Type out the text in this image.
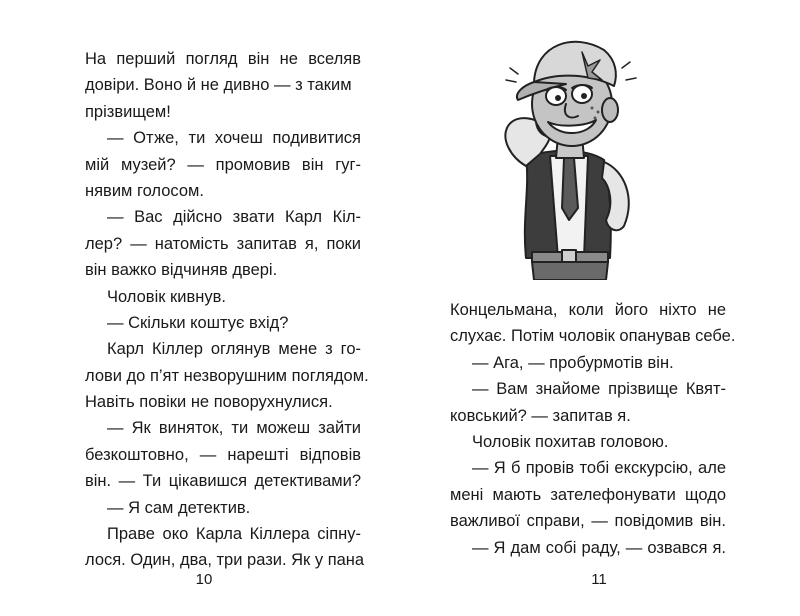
На перший погляд він не вселяв
довіри. Воно й не дивно — з таким
прізвищем!
— Отже, ти хочеш подивитися
мій музей? — промовив він гуг-
нявим голосом.
— Вас дійсно звати Карл Кіл-
лер? — натомість запитав я, поки
він важко відчиняв двері.
Чоловік кивнув.
— Скільки коштує вхід?
Карл Кіллер оглянув мене з го-
лови до п’ят незворушним поглядом.
Навіть повіки не поворухнулися.
— Як виняток, ти можеш зайти
безкоштовно, — нарешті відповів
він. — Ти цікавишся детективами?
— Я сам детектив.
Праве око Карла Кіллера сіпну-
лося. Один, два, три рази. Як у пана
10
Концельмана, коли його ніхто не
слухає. Потім чоловік опанував себе.
— Ага, — пробурмотів він.
— Вам знайоме прізвище Квят-
ковський? — запитав я.
Чоловік похитав головою.
— Я б провів тобі екскурсію, але
мені мають зателефонувати щодо
важливої справи, — повідомив він.
— Я дам собі раду, — озвався я.
11
